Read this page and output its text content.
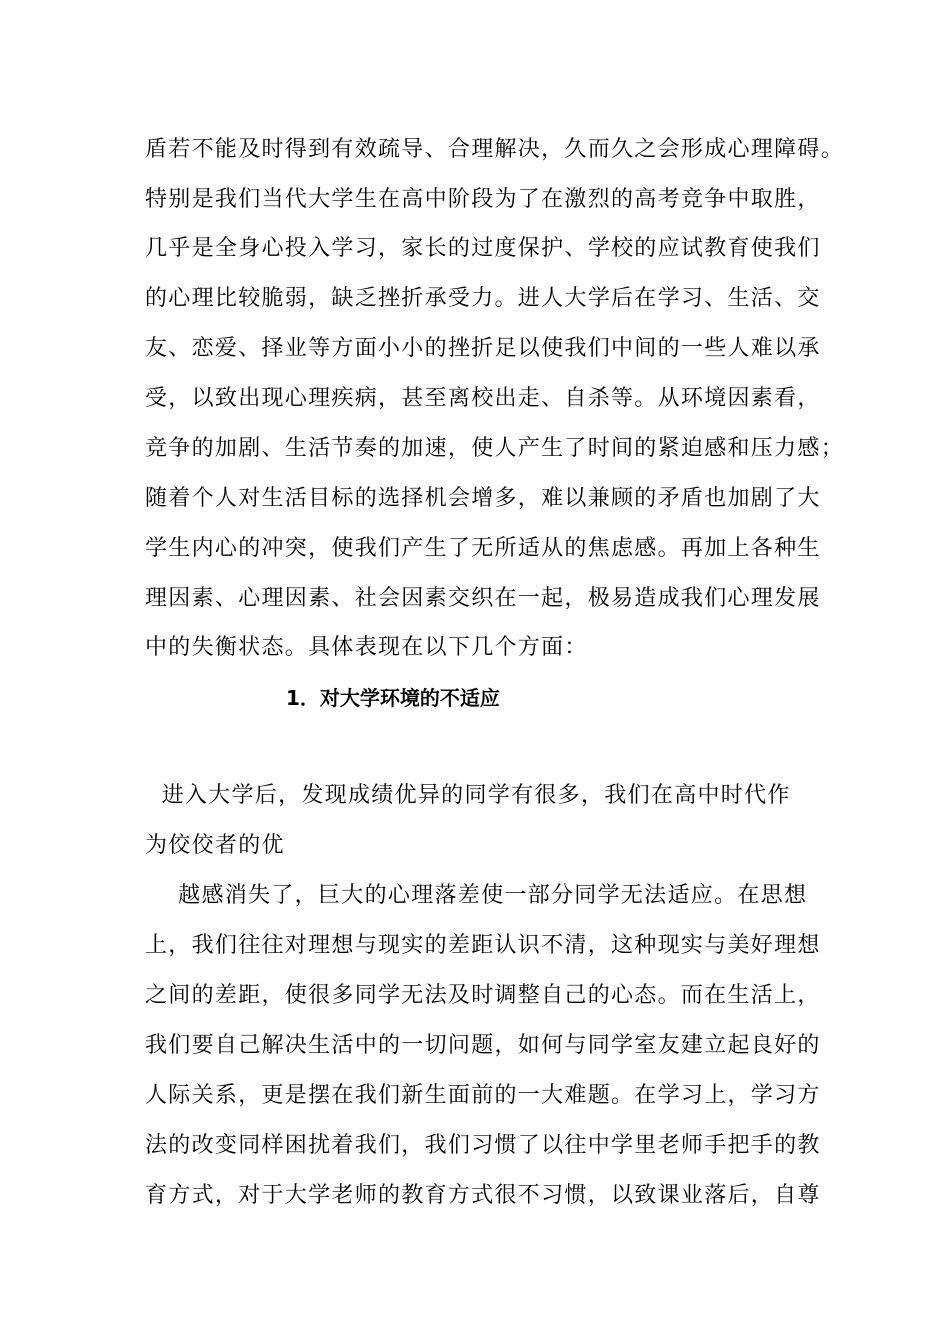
盾若不能及时得到有效疏导、合理解决，久而久之会形成心理障碍。
特别是我们当代大学生在高中阶段为了在激烈的高考竞争中取胜，
几乎是全身心投入学习，家长的过度保护、学校的应试教育使我们
的心理比较脆弱，缺乏挫折承受力。进人大学后在学习、生活、交
友、恋爱、择业等方面小小的挫折足以使我们中间的一些人难以承
受，以致出现心理疾病，甚至离校出走、自杀等。从环境因素看，
竞争的加剧、生活节奏的加速，使人产生了时间的紧迫感和压力感；
随着个人对生活目标的选择机会增多，难以兼顾的矛盾也加剧了大
学生内心的冲突，使我们产生了无所适从的焦虑感。再加上各种生
理因素、心理因素、社会因素交织在一起，极易造成我们心理发展
中的失衡状态。具体表现在以下几个方面：
1．对大学环境的不适应
进入大学后，发现成绩优异的同学有很多，我们在高中时代作
为佼佼者的优
越感消失了，巨大的心理落差使一部分同学无法适应。在思想
上，我们往往对理想与现实的差距认识不清，这种现实与美好理想
之间的差距，使很多同学无法及时调整自己的心态。而在生活上，
我们要自己解决生活中的一切问题，如何与同学室友建立起良好的
人际关系，更是摆在我们新生面前的一大难题。在学习上，学习方
法的改变同样困扰着我们，我们习惯了以往中学里老师手把手的教
育方式，对于大学老师的教育方式很不习惯，以致课业落后，自尊
